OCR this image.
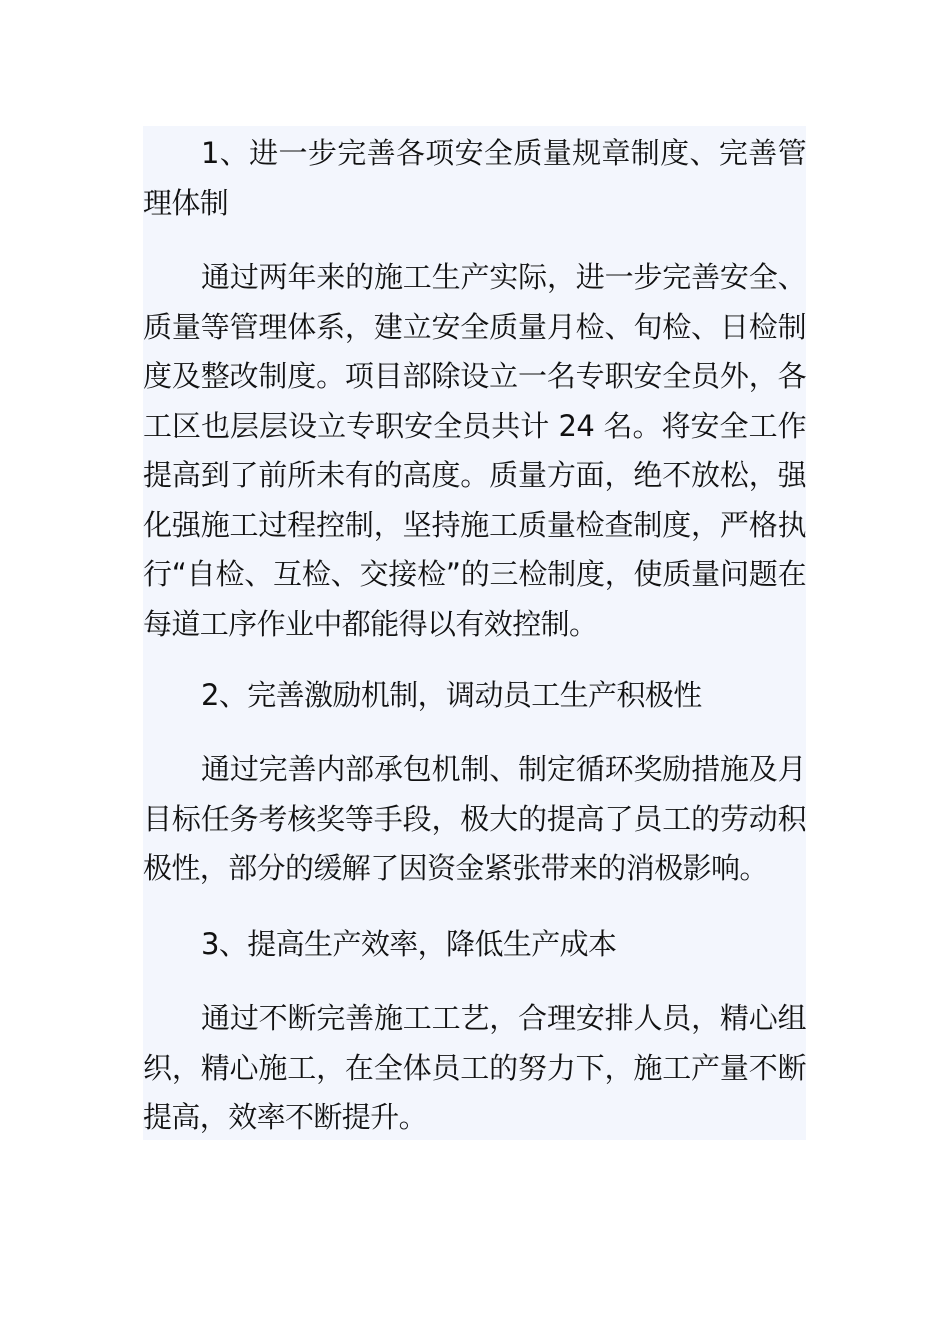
1、进一步完善各项安全质量规章制度、完善管理体制

通过两年来的施工生产实际，进一步完善安全、质量等管理体系，建立安全质量月检、旬检、日检制度及整改制度。项目部除设立一名专职安全员外，各工区也层层设立专职安全员共计 24 名。将安全工作提高到了前所未有的高度。质量方面，绝不放松，强化强施工过程控制，坚持施工质量检查制度，严格执行“自检、互检、交接检”的三检制度，使质量问题在每道工序作业中都能得以有效控制。

2、完善激励机制，调动员工生产积极性

通过完善内部承包机制、制定循环奖励措施及月目标任务考核奖等手段，极大的提高了员工的劳动积极性，部分的缓解了因资金紧张带来的消极影响。

3、提高生产效率，降低生产成本

通过不断完善施工工艺，合理安排人员，精心组织，精心施工，在全体员工的努力下，施工产量不断提高，效率不断提升。
